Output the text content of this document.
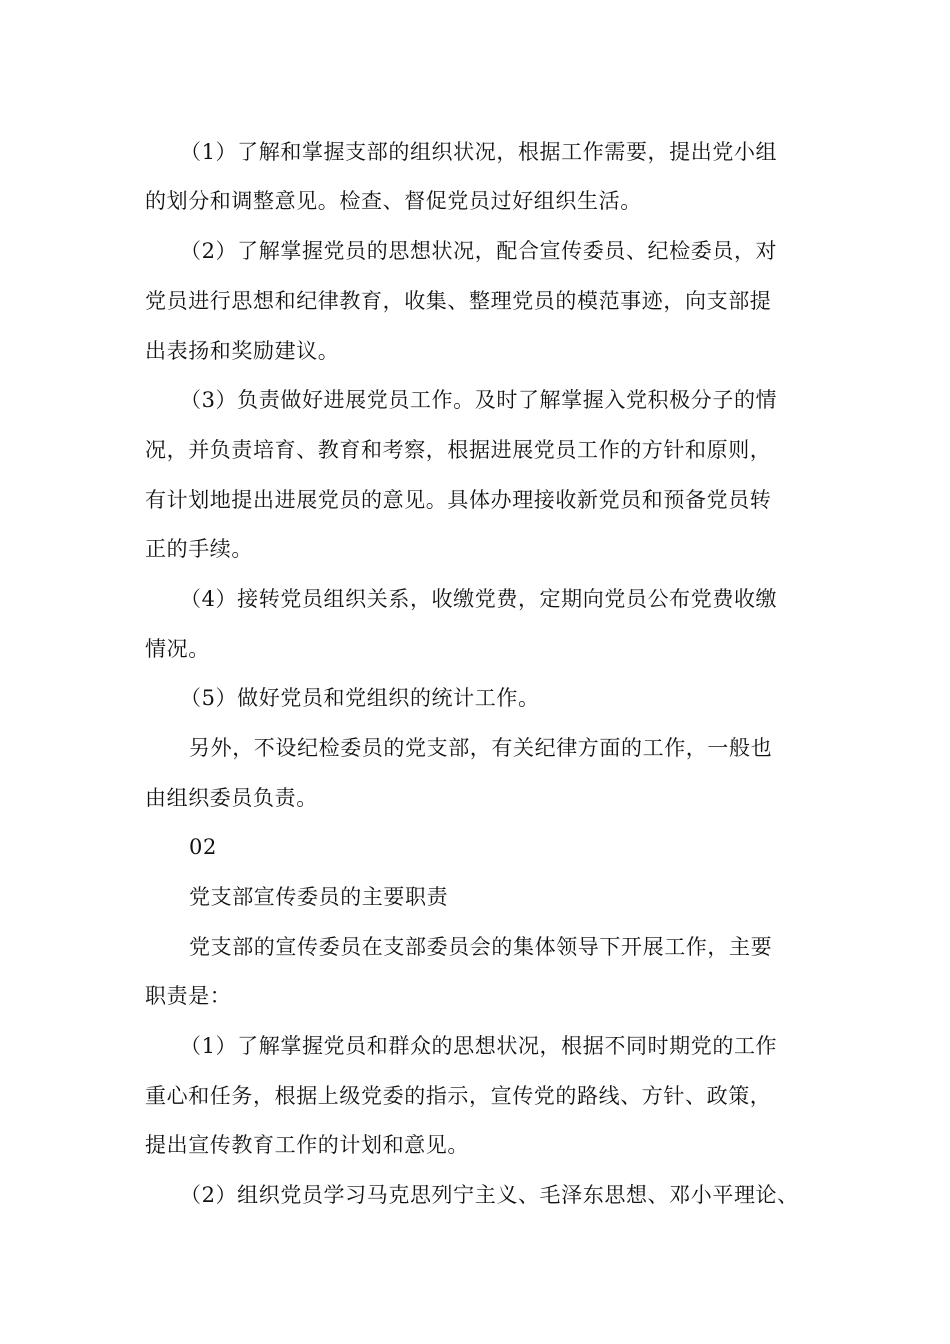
（1）了解和掌握支部的组织状况，根据工作需要，提出党小组
的划分和调整意见。检查、督促党员过好组织生活。
（2）了解掌握党员的思想状况，配合宣传委员、纪检委员，对
党员进行思想和纪律教育，收集、整理党员的模范事迹，向支部提
出表扬和奖励建议。
（3）负责做好进展党员工作。及时了解掌握入党积极分子的情
况，并负责培育、教育和考察，根据进展党员工作的方针和原则，
有计划地提出进展党员的意见。具体办理接收新党员和预备党员转
正的手续。
（4）接转党员组织关系，收缴党费，定期向党员公布党费收缴
情况。
（5）做好党员和党组织的统计工作。
另外，不设纪检委员的党支部，有关纪律方面的工作，一般也
由组织委员负责。
02
党支部宣传委员的主要职责
党支部的宣传委员在支部委员会的集体领导下开展工作，主要
职责是：
（1）了解掌握党员和群众的思想状况，根据不同时期党的工作
重心和任务，根据上级党委的指示，宣传党的路线、方针、政策，
提出宣传教育工作的计划和意见。
（2）组织党员学习马克思列宁主义、毛泽东思想、邓小平理论、
